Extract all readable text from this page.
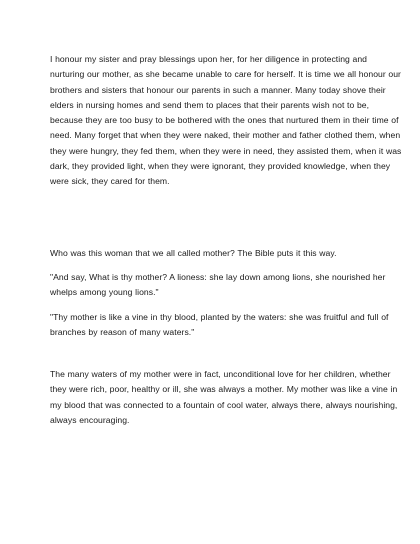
I honour my sister and pray blessings upon her, for her diligence in protecting and nurturing our mother, as she became unable to care for herself. It is time we all honour our brothers and sisters that honour our parents in such a manner. Many today shove their elders in nursing homes and send them to places that their parents wish not to be, because they are too busy to be bothered with the ones that nurtured them in their time of need. Many forget that when they were naked, their mother and father clothed them, when they were hungry, they fed them, when they were in need, they assisted them, when it was dark, they provided light, when they were ignorant, they provided knowledge, when they were sick, they cared for them.

Who was this woman that we all called mother? The Bible puts it this way.

"And say, What is thy mother? A lioness: she lay down among lions, she nourished her whelps among young lions."

"Thy mother is like a vine in thy blood, planted by the waters: she was fruitful and full of branches by reason of many waters."

The many waters of my mother were in fact, unconditional love for her children, whether they were rich, poor, healthy or ill, she was always a mother. My mother was like a vine in my blood that was connected to a fountain of cool water, always there, always nourishing, always encouraging.
